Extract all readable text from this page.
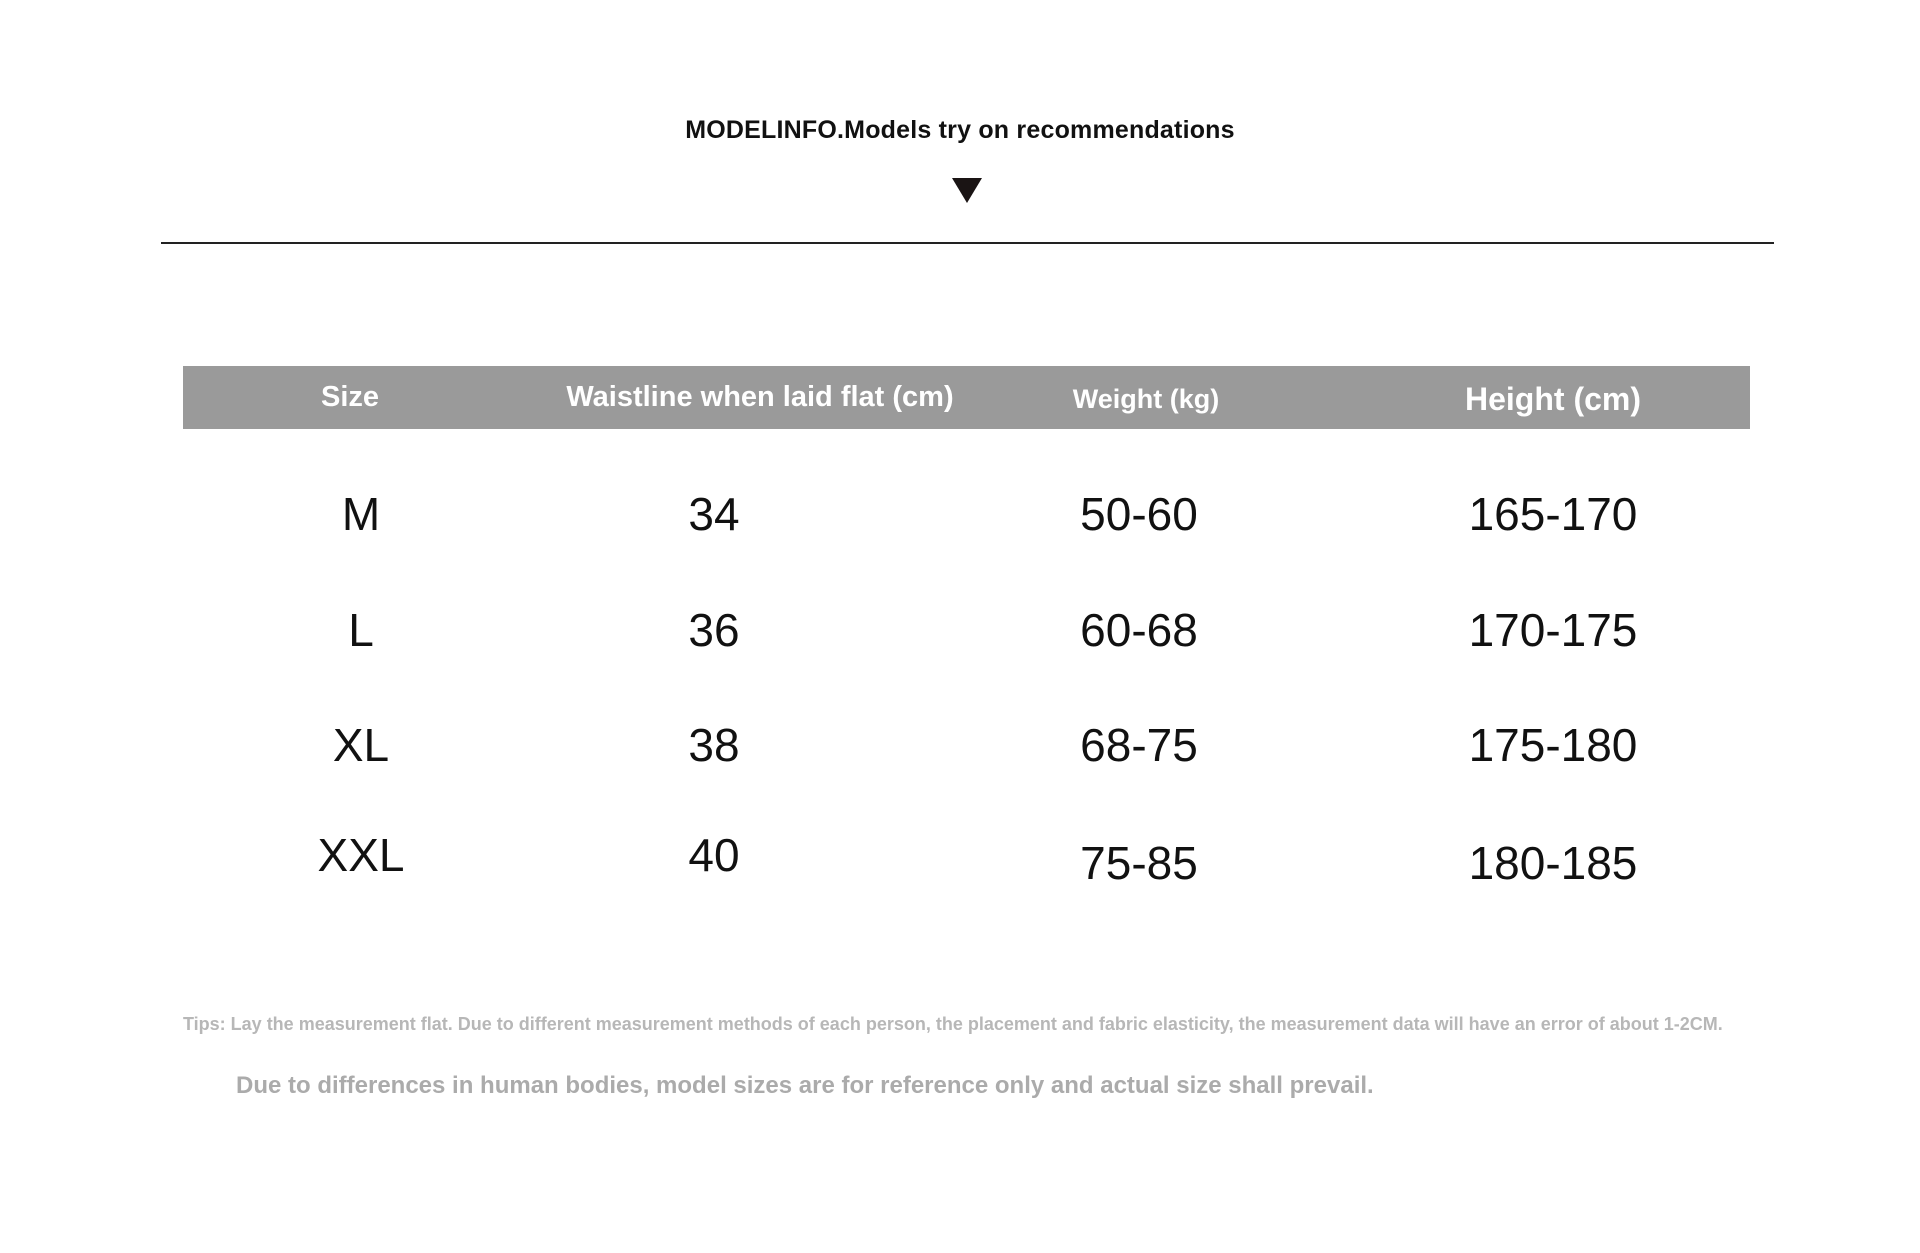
MODELINFO.Models try on recommendations
Size	Waistline when laid flat (cm)	Weight (kg)	Height (cm)
M	34	50-60	165-170
L	36	60-68	170-175
XL	38	68-75	175-180
XXL	40	75-85	180-185
Tips: Lay the measurement flat. Due to different measurement methods of each person, the placement and fabric elasticity, the measurement data will have an error of about 1-2CM.
Due to differences in human bodies, model sizes are for reference only and actual size shall prevail.
